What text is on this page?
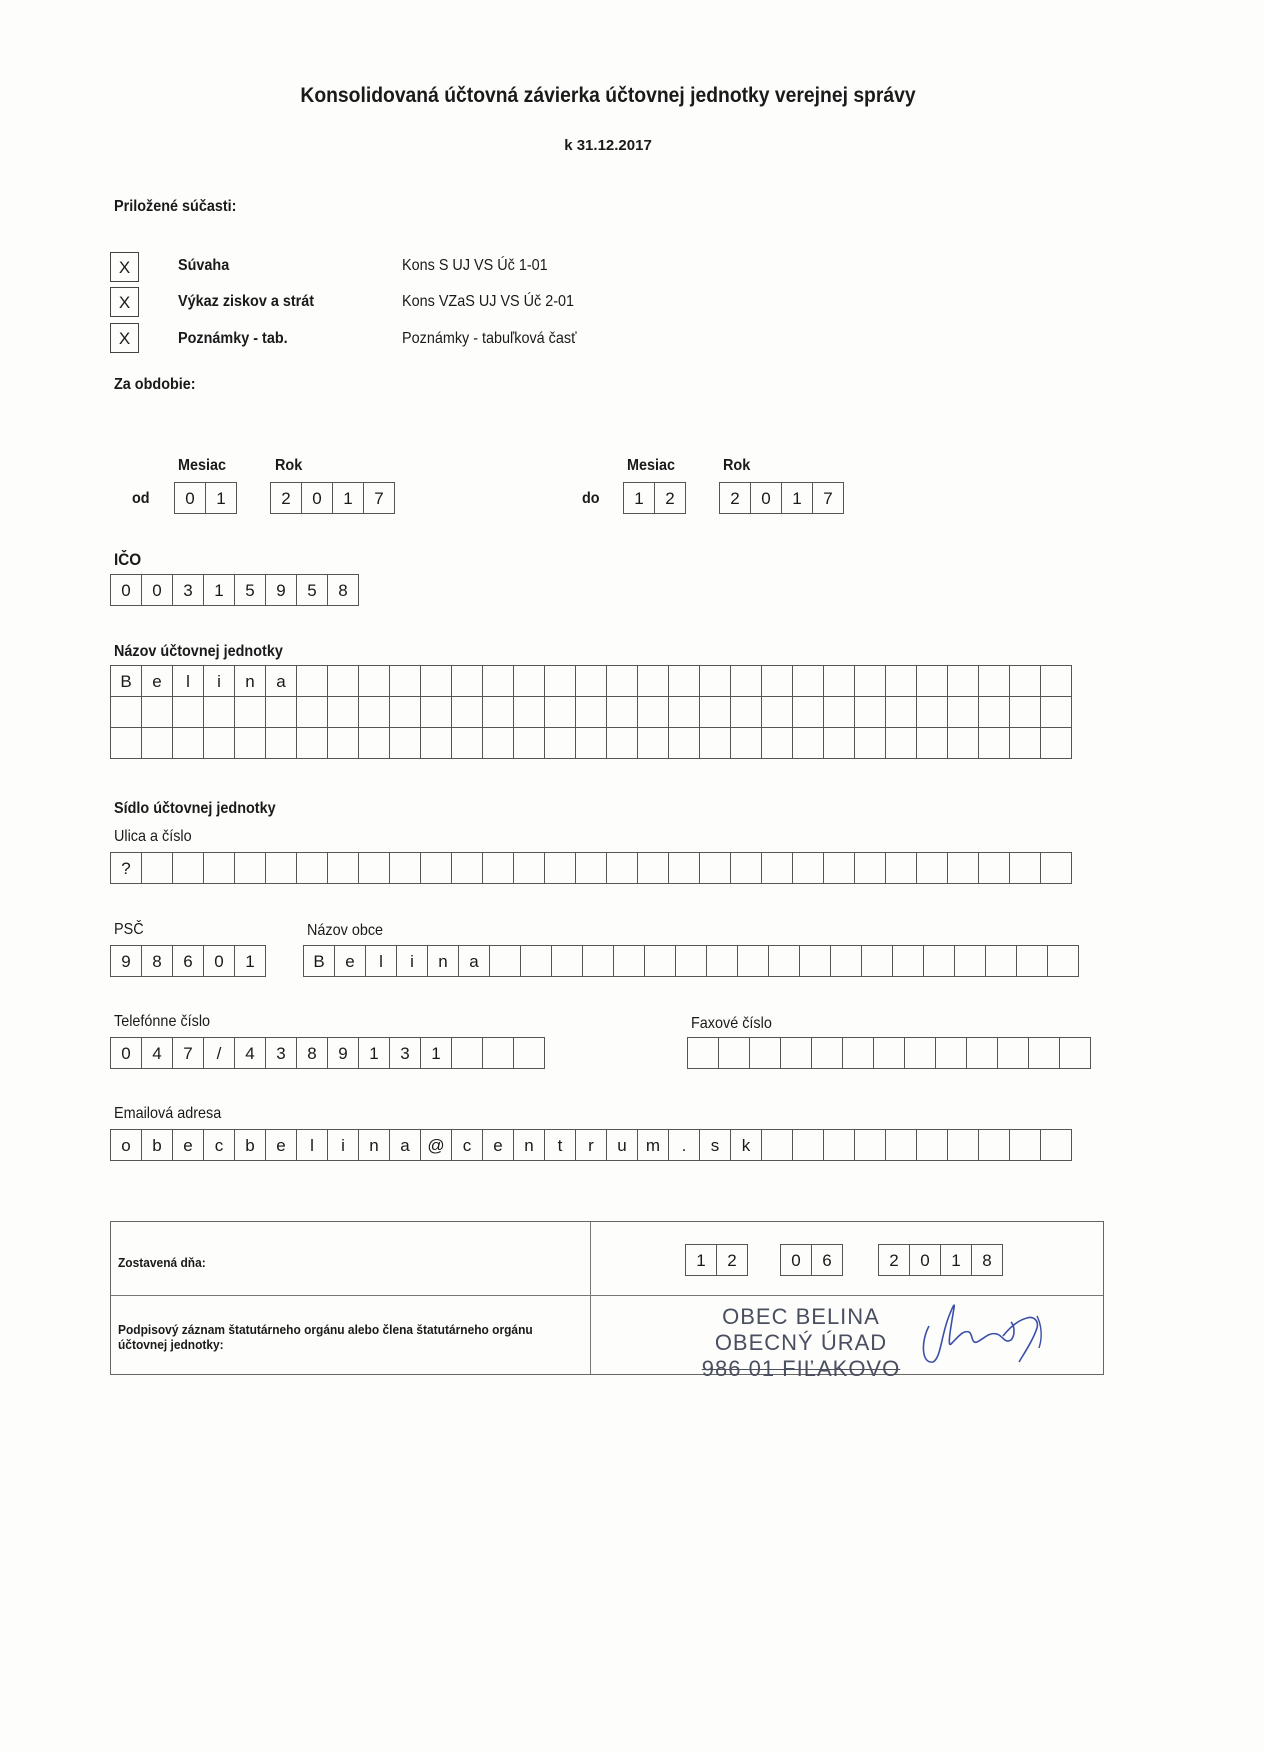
Konsolidovaná účtovná závierka účtovnej jednotky verejnej správy
k 31.12.2017
Priložené súčasti:
X	Súvaha	Kons S UJ VS Úč 1-01
X	Výkaz ziskov a strát	Kons VZaS UJ VS Úč 2-01
X	Poznámky - tab.	Poznámky - tabuľková časť
Za obdobie:
Mesiac	Rok
od	0	1	2	0	1	7
Mesiac	Rok
do	1	2	2	0	1	7
IČO
0	0	3	1	5	9	5	8
Názov účtovnej jednotky
B	e	l	i	n	a
Sídlo účtovnej jednotky
Ulica a číslo
?
PSČ
9	8	6	0	1
Názov obce
B	e	l	i	n	a
Telefónne číslo
0	4	7	/	4	3	8	9	1	3	1
Faxové číslo
Emailová adresa
o	b	e	c	b	e	l	i	n	a	@	c	e	n	t	r	u	m	.	s	k
Zostavená dňa:	1	2	0	6	2	0	1	8
Podpisový záznam štatutárneho orgánu alebo člena štatutárneho orgánu účtovnej jednotky:
OBEC BELINA
OBECNÝ ÚRAD
986 01 FIĽAKOVO
